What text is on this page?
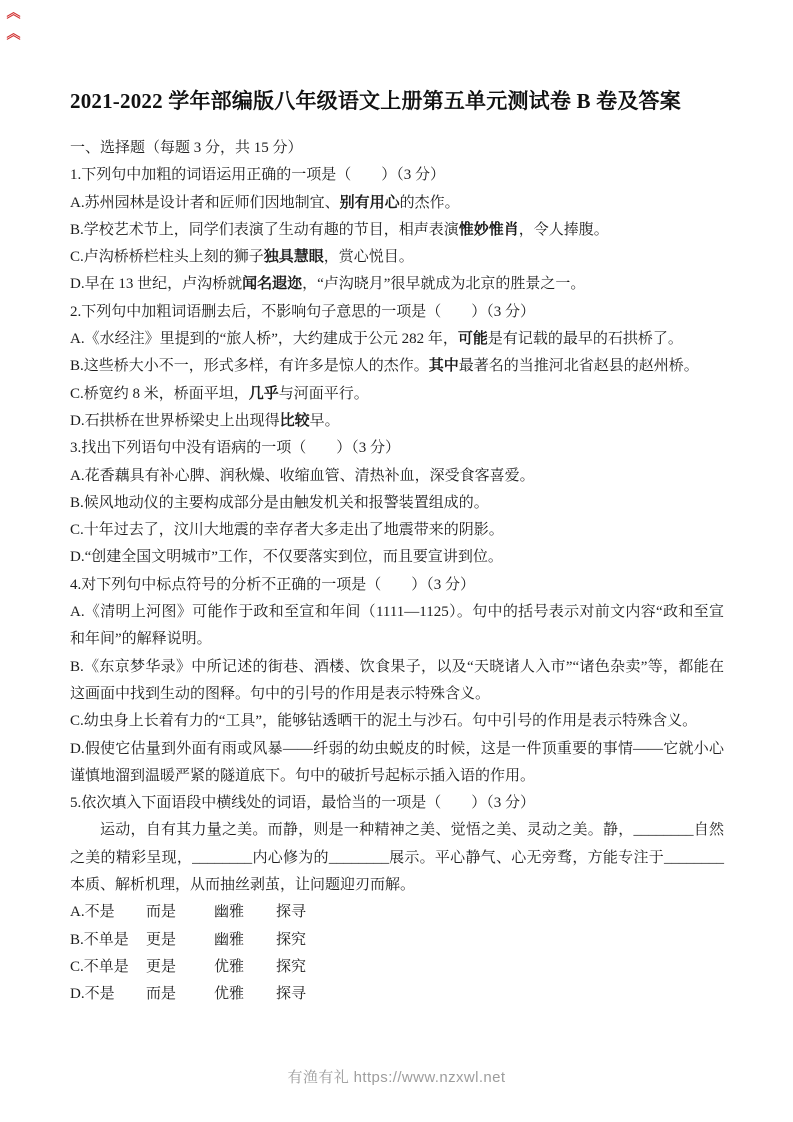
《
《
2021-2022 学年部编版八年级语文上册第五单元测试卷 B 卷及答案

一、选择题（每题 3 分，共 15 分）

1.下列句中加粗的词语运用正确的一项是（　　）（3 分）

A.苏州园林是设计者和匠师们因地制宜、别有用心的杰作。

B.学校艺术节上，同学们表演了生动有趣的节目，相声表演惟妙惟肖，令人捧腹。

C.卢沟桥桥栏柱头上刻的狮子独具慧眼，赏心悦目。

D.早在 13 世纪，卢沟桥就闻名遐迩，“卢沟晓月”很早就成为北京的胜景之一。

2.下列句中加粗词语删去后，不影响句子意思的一项是（　　）（3 分）

A.《水经注》里提到的“旅人桥”，大约建成于公元 282 年，可能是有记载的最早的石拱桥了。

B.这些桥大小不一，形式多样，有许多是惊人的杰作。其中最著名的当推河北省赵县的赵州桥。

C.桥宽约 8 米，桥面平坦，几乎与河面平行。

D.石拱桥在世界桥梁史上出现得比较早。

3.找出下列语句中没有语病的一项（　　）（3 分）

A.花香藕具有补心脾、润秋燥、收缩血管、清热补血，深受食客喜爱。

B.候风地动仪的主要构成部分是由触发机关和报警装置组成的。

C.十年过去了，汶川大地震的幸存者大多走出了地震带来的阴影。

D.“创建全国文明城市”工作，不仅要落实到位，而且要宣讲到位。

4.对下列句中标点符号的分析不正确的一项是（　　）（3 分）

A.《清明上河图》可能作于政和至宣和年间（1111—1125）。句中的括号表示对前文内容“政和至宣和年间”的解释说明。

B.《东京梦华录》中所记述的街巷、酒楼、饮食果子，以及“天晓诸人入市”“诸色杂卖”等，都能在这画面中找到生动的图释。句中的引号的作用是表示特殊含义。

C.幼虫身上长着有力的“工具”，能够钻透晒干的泥土与沙石。句中引号的作用是表示特殊含义。

D.假使它估量到外面有雨或风暴——纤弱的幼虫蜕皮的时候，这是一件顶重要的事情——它就小心谨慎地溜到温暖严紧的隧道底下。句中的破折号起标示插入语的作用。

5.依次填入下面语段中横线处的词语，最恰当的一项是（　　）（3 分）

运动，自有其力量之美。而静，则是一种精神之美、觉悟之美、灵动之美。静，________自然之美的精彩呈现，________内心修为的________展示。平心静气、心无旁骛，方能专注于________本质、解析机理，从而抽丝剥茧，让问题迎刃而解。

A.不是 而是	幽雅 探寻

B.不单是 更是	幽雅 探究

C.不单是 更是	优雅 探究

D.不是 而是	优雅 探寻

有渔有礼 https://www.nzxwl.net
